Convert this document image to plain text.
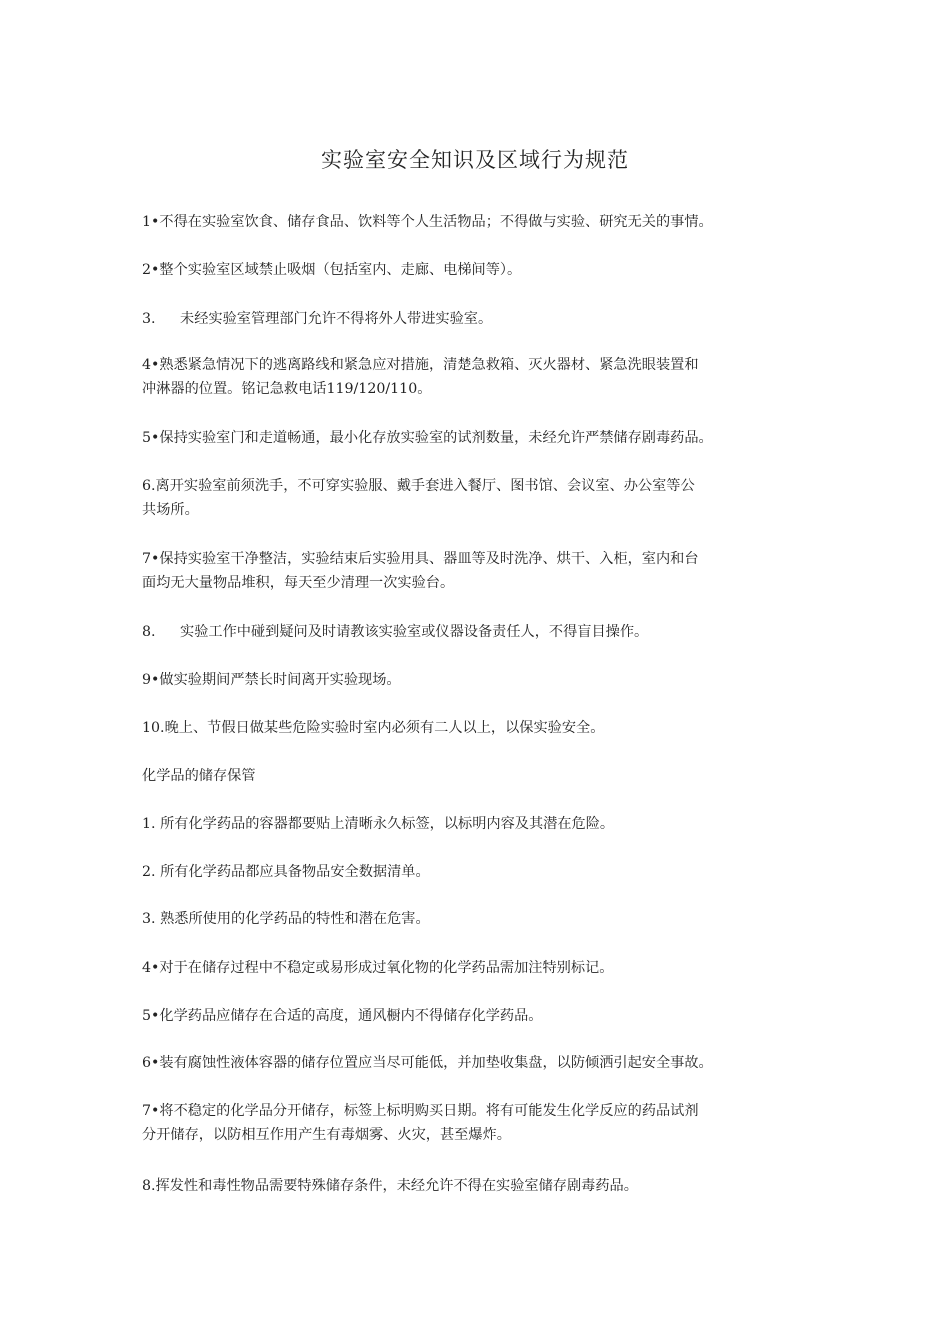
实验室安全知识及区域行为规范
1•不得在实验室饮食、储存食品、饮料等个人生活物品；不得做与实验、研究无关的事情。
2•整个实验室区域禁止吸烟（包括室内、走廊、电梯间等）。
3. 未经实验室管理部门允许不得将外人带进实验室。
4•熟悉紧急情况下的逃离路线和紧急应对措施，清楚急救箱、灭火器材、紧急洗眼装置和
冲淋器的位置。铭记急救电话119/120/110。
5•保持实验室门和走道畅通，最小化存放实验室的试剂数量，未经允许严禁储存剧毒药品。
6.离开实验室前须洗手，不可穿实验服、戴手套进入餐厅、图书馆、会议室、办公室等公
共场所。
7•保持实验室干净整洁，实验结束后实验用具、器皿等及时洗净、烘干、入柜，室内和台
面均无大量物品堆积，每天至少清理一次实验台。
8. 实验工作中碰到疑问及时请教该实验室或仪器设备责任人，不得盲目操作。
9•做实验期间严禁长时间离开实验现场。
10.晚上、节假日做某些危险实验时室内必须有二人以上，以保实验安全。
化学品的储存保管
1. 所有化学药品的容器都要贴上清晰永久标签，以标明内容及其潜在危险。
2. 所有化学药品都应具备物品安全数据清单。
3. 熟悉所使用的化学药品的特性和潜在危害。
4•对于在储存过程中不稳定或易形成过氧化物的化学药品需加注特别标记。
5•化学药品应储存在合适的高度，通风橱内不得储存化学药品。
6•装有腐蚀性液体容器的储存位置应当尽可能低，并加垫收集盘，以防倾洒引起安全事故。
7•将不稳定的化学品分开储存，标签上标明购买日期。将有可能发生化学反应的药品试剂
分开储存，以防相互作用产生有毒烟雾、火灾，甚至爆炸。
8.挥发性和毒性物品需要特殊储存条件，未经允许不得在实验室储存剧毒药品。
